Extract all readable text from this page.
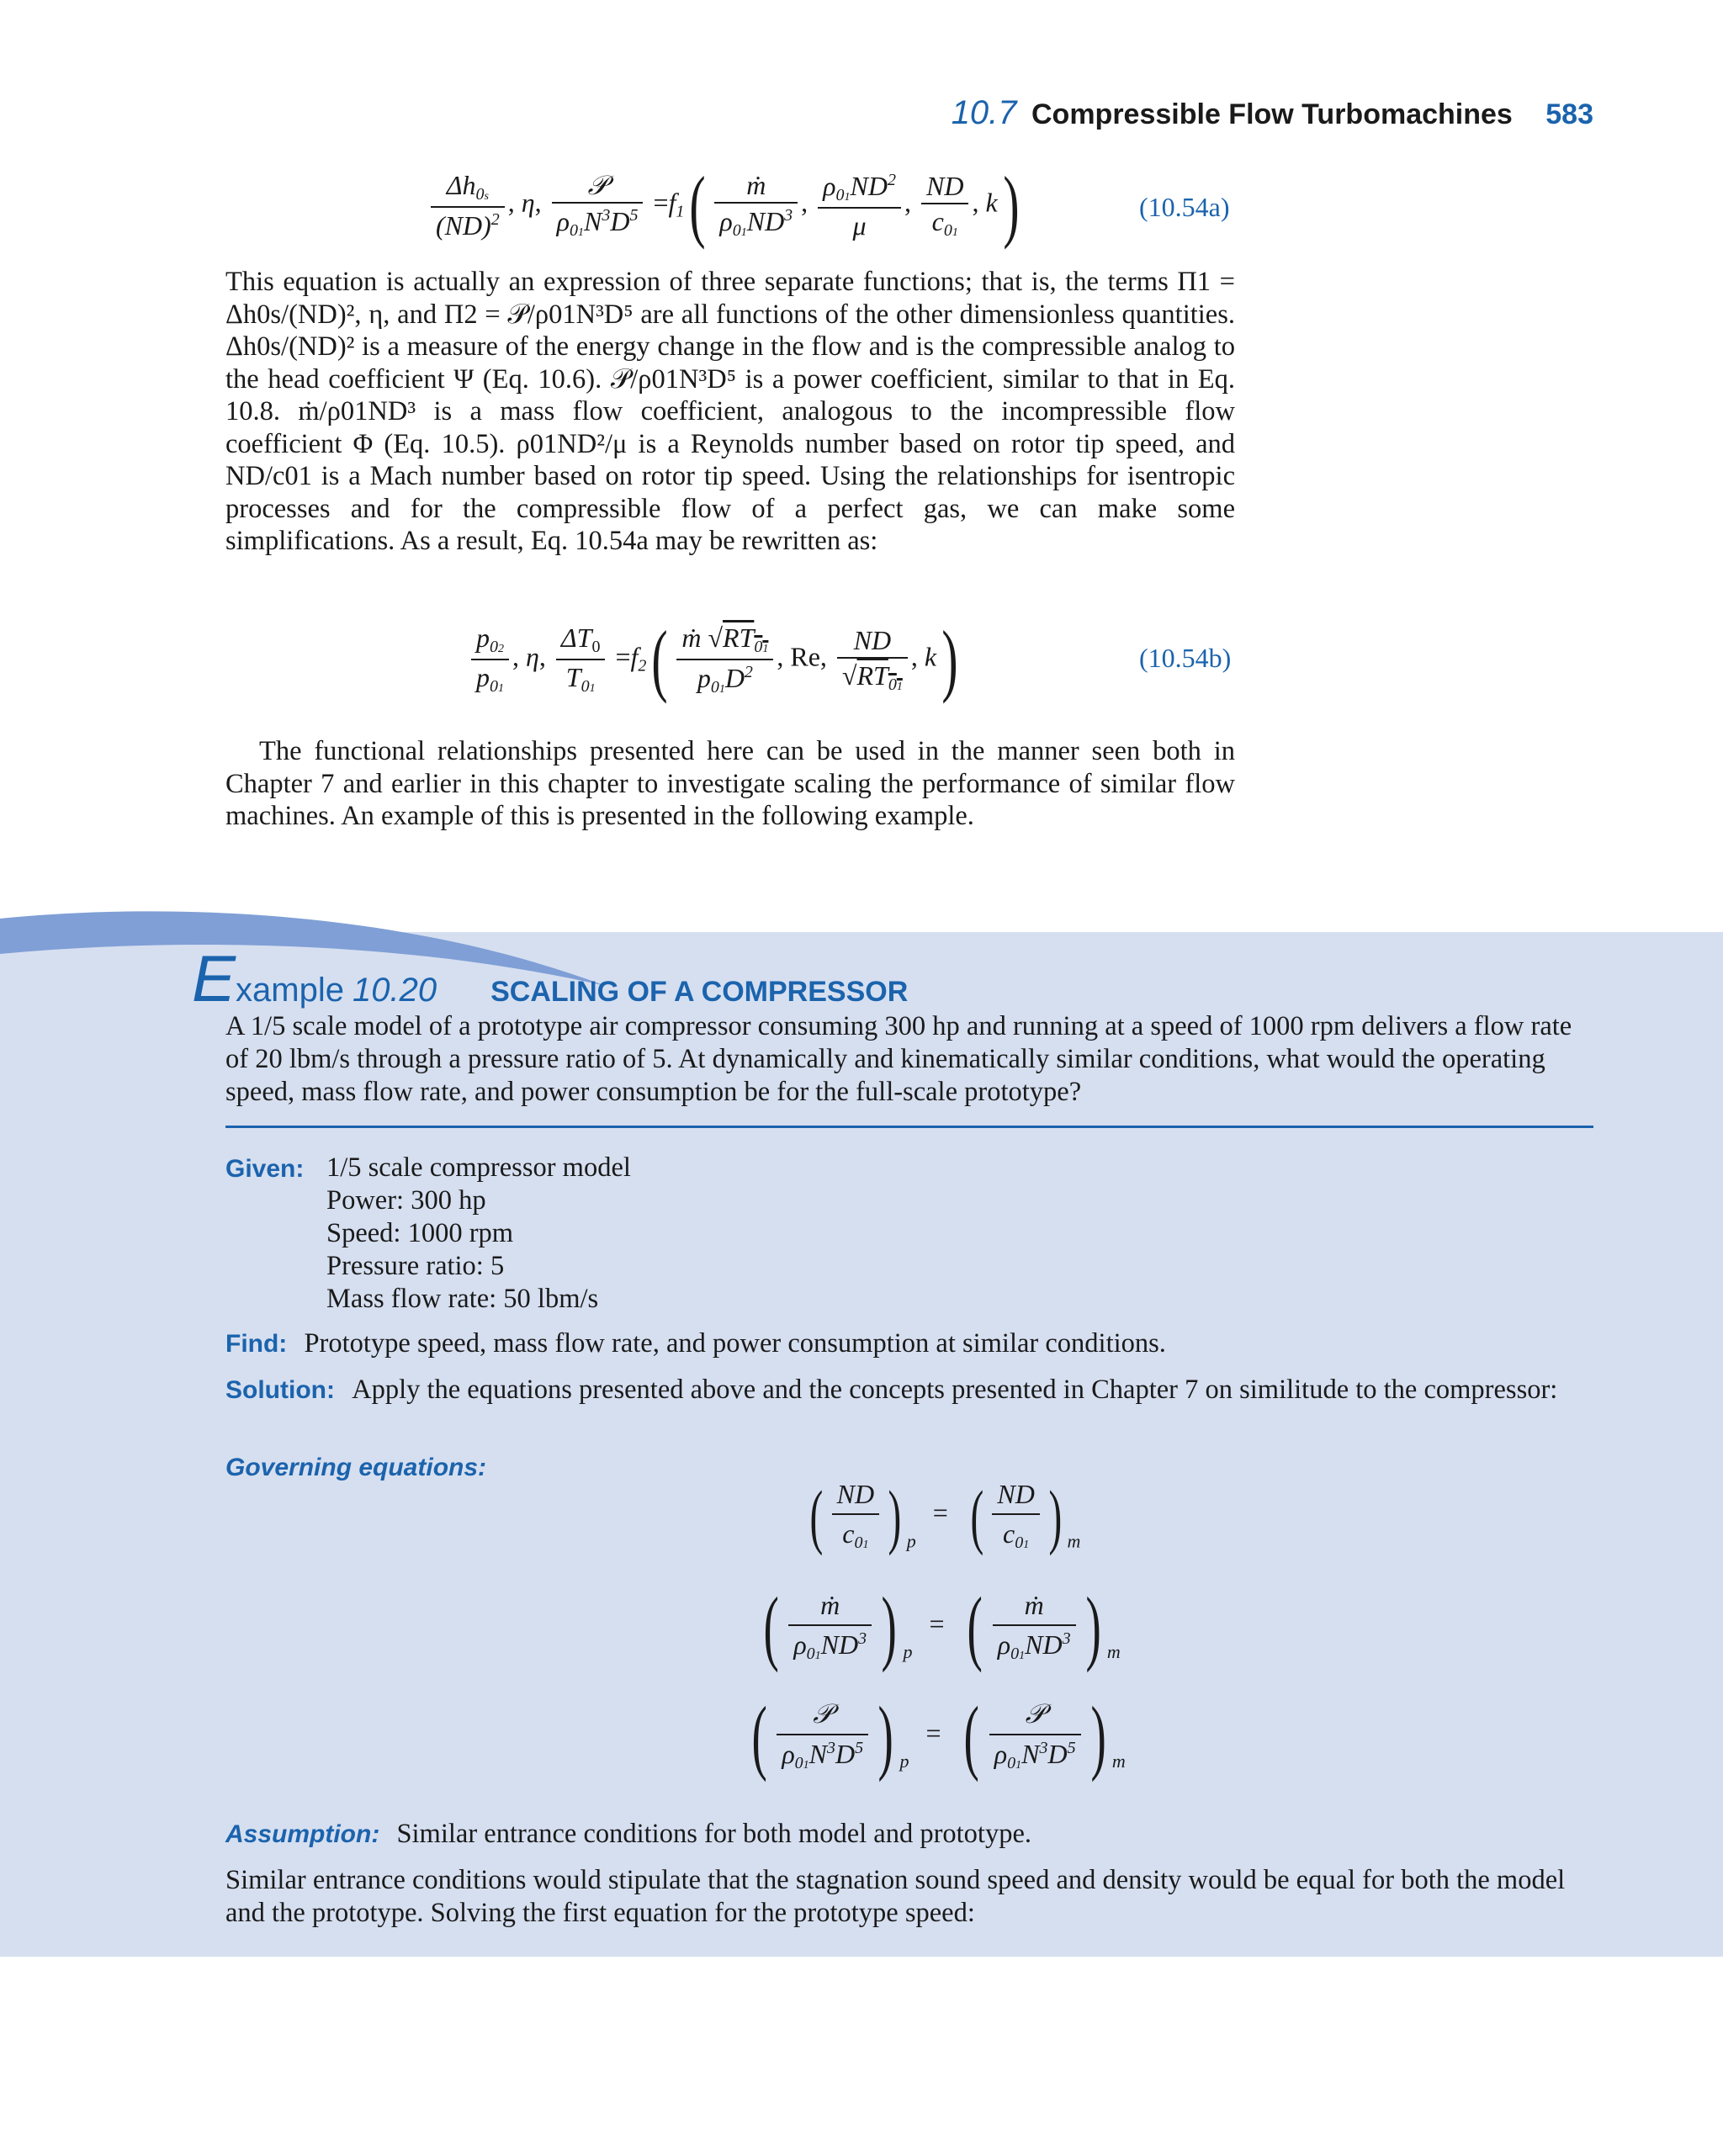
10.7 Compressible Flow Turbomachines 583
$\frac{\Delta h_{0s}}{(ND)^2}$ , η, $\frac{\text{𝒫}}{\rho_{01}N^3D^5} =f_1( \frac{\text{ṁ}}{\rho_{01}ND^3}$ , $\frac{\rho_{01}ND^2}{\mu}$ , $\frac{ND}{c_{01}}$ , k)	(10.54a)

This equation is actually an expression of three separate functions; that is, the terms Π1 = Δh0s/(ND)², η, and Π2 = 𝒫/ρ01N³D⁵ are all functions of the other dimensionless quantities. Δh0s/(ND)² is a measure of the energy change in the flow and is the compressible analog to the head coefficient Ψ (Eq. 10.6). 𝒫/ρ01N³D⁵ is a power coefficient, similar to that in Eq. 10.8. ṁ/ρ01ND³ is a mass flow coefficient, analogous to the incompressible flow coefficient Φ (Eq. 10.5). ρ01ND²/μ is a Reynolds number based on rotor tip speed, and ND/c01 is a Mach number based on rotor tip speed. Using the relationships for isentropic processes and for the compressible flow of a perfect gas, we can make some simplifications. As a result, Eq. 10.54a may be rewritten as:

$\frac{p_{02}}{p_{01}}$ , η, $\frac{\Delta T_0}{T_{01}} =f_2( \frac{ṁ √RT_{01}}{p_{01}D^2}$ , Re, $\frac{ND}{√RT_{01}}$ , k)	(10.54b)

The functional relationships presented here can be used in the manner seen both in Chapter 7 and earlier in this chapter to investigate scaling the performance of similar flow machines. An example of this is presented in the following example.

Example 10.20 SCALING OF A COMPRESSOR
A 1/5 scale model of a prototype air compressor consuming 300 hp and running at a speed of 1000 rpm delivers a flow rate of 20 lbm/s through a pressure ratio of 5. At dynamically and kinematically similar conditions, what would the operating speed, mass flow rate, and power consumption be for the full-scale prototype?
Given: 1/5 scale compressor model
Power: 300 hp
Speed: 1000 rpm
Pressure ratio: 5
Mass flow rate: 50 lbm/s
Find: Prototype speed, mass flow rate, and power consumption at similar conditions.
Solution: Apply the equations presented above and the concepts presented in Chapter 7 on similitude to the compressor:
Governing equations:
( $\frac{ND}{c_{01}}$ ) $_p$ = ( $\frac{ND}{c_{01}}$ ) $_m$
( $\frac{\text{ṁ}}{\rho_{01}ND^3}$ ) $_p$ = ( $\frac{\text{ṁ}}{\rho_{01}ND^3}$ ) $_m$
( $\frac{\text{𝒫}}{\rho_{01}N^3D^5}$ ) $_p$ = ( $\frac{\text{𝒫}}{\rho_{01}N^3D^5}$ ) $_m$
Assumption: Similar entrance conditions for both model and prototype.
Similar entrance conditions would stipulate that the stagnation sound speed and density would be equal for both the model and the prototype. Solving the first equation for the prototype speed:
